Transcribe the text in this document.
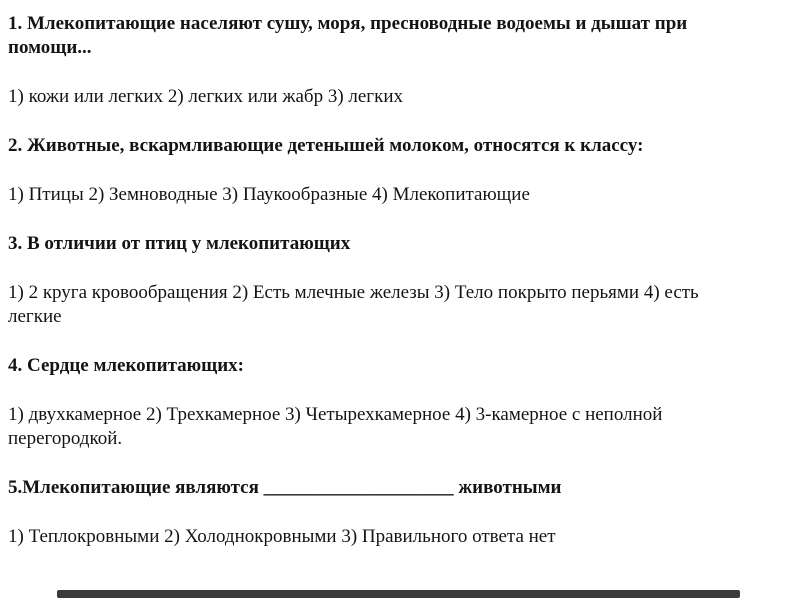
1. Млекопитающие населяют сушу, моря, пресноводные водоемы и дышат при помощи...

1) кожи или легких 2) легких или жабр 3) легких

2. Животные, вскармливающие детенышей молоком, относятся к классу:

1) Птицы 2) Земноводные 3) Паукообразные 4) Млекопитающие

3. В отличии от птиц у млекопитающих

1) 2 круга кровообращения 2) Есть млечные железы 3) Тело покрыто перьями 4) есть легкие

4. Сердце млекопитающих:

1) двухкамерное 2) Трехкамерное 3) Четырехкамерное 4) 3-камерное с неполной перегородкой.

5.Млекопитающие являются ____________________ животными

1) Теплокровными 2) Холоднокровными 3) Правильного ответа нет
